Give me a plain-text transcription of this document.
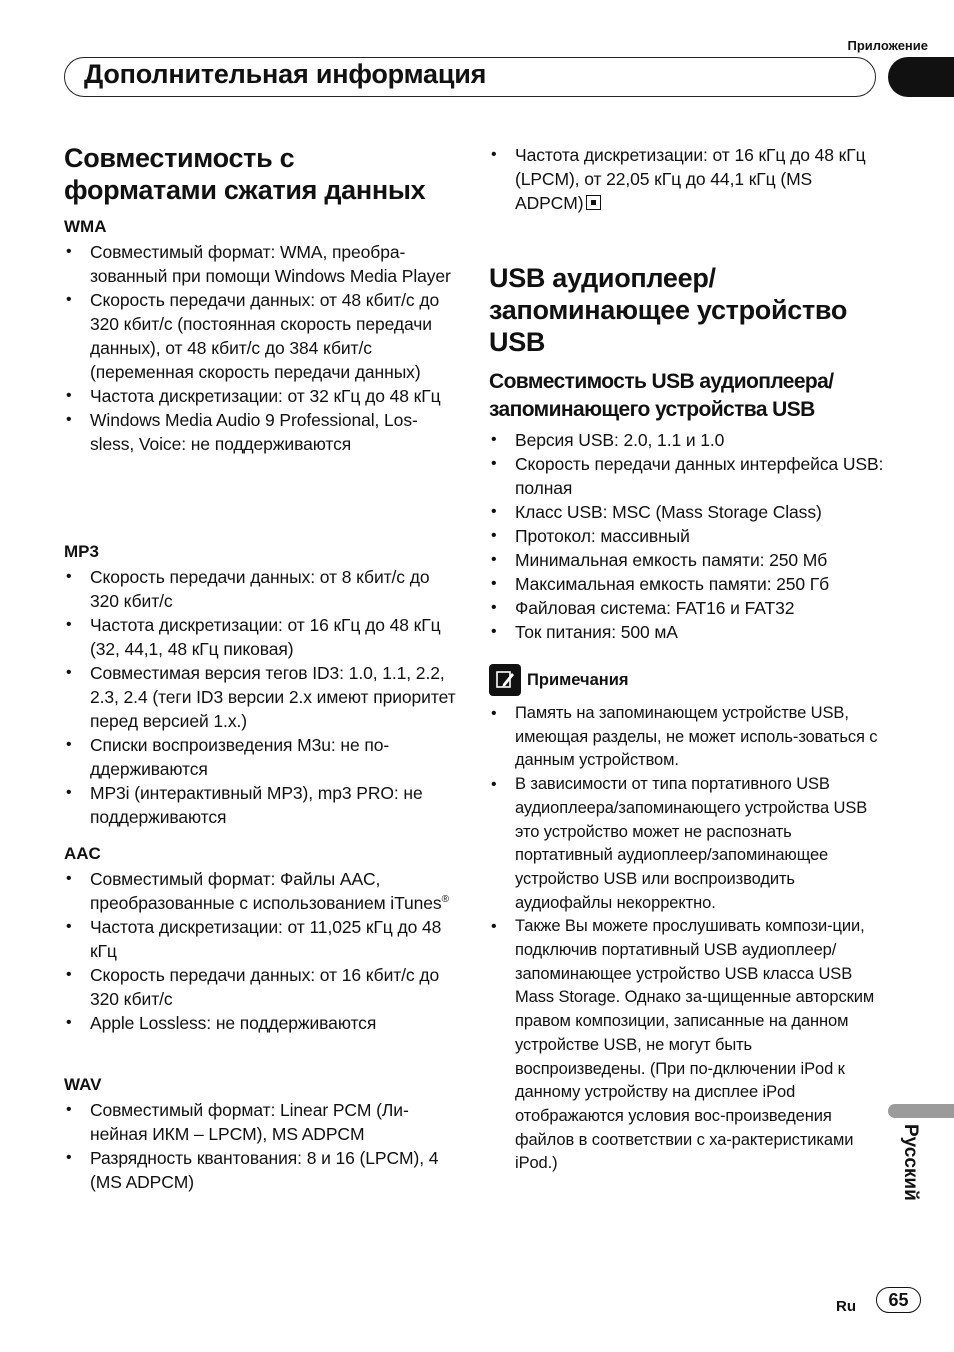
Приложение
Дополнительная информация
Совместимость с
форматами сжатия данных
WMA
• Совместимый формат: WMA, преобра-зованный при помощи Windows Media Player
• Скорость передачи данных: от 48 кбит/с до 320 кбит/с (постоянная скорость передачи данных), от 48 кбит/с до 384 кбит/с (переменная скорость передачи данных)
• Частота дискретизации: от 32 кГц до 48 кГц
• Windows Media Audio 9 Professional, Los-sless, Voice: не поддерживаются
MP3
• Скорость передачи данных: от 8 кбит/с до 320 кбит/с
• Частота дискретизации: от 16 кГц до 48 кГц (32, 44,1, 48 кГц пиковая)
• Совместимая версия тегов ID3: 1.0, 1.1, 2.2, 2.3, 2.4 (теги ID3 версии 2.x имеют приоритет перед версией 1.x.)
• Списки воспроизведения M3u: не по-ддерживаются
• MP3i (интерактивный MP3), mp3 PRO: не поддерживаются
AAC
• Совместимый формат: Файлы AAC, преобразованные с использованием iTunes®
• Частота дискретизации: от 11,025 кГц до 48 кГц
• Скорость передачи данных: от 16 кбит/с до 320 кбит/с
• Apple Lossless: не поддерживаются
WAV
• Совместимый формат: Linear PCM (Ли-нейная ИКМ – LPCM), MS ADPCM
• Разрядность квантования: 8 и 16 (LPCM), 4 (MS ADPCM)
• Частота дискретизации: от 16 кГц до 48 кГц (LPCM), от 22,05 кГц до 44,1 кГц (MS ADPCM)
USB аудиоплеер/
запоминающее устройство
USB
Совместимость USB аудиоплеера/
запоминающего устройства USB
• Версия USB: 2.0, 1.1 и 1.0
• Скорость передачи данных интерфейса USB: полная
• Класс USB: MSC (Mass Storage Class)
• Протокол: массивный
• Минимальная емкость памяти: 250 Мб
• Максимальная емкость памяти: 250 Гб
• Файловая система: FAT16 и FAT32
• Ток питания: 500 мА
Примечания
• Память на запоминающем устройстве USB, имеющая разделы, не может исполь-зоваться с данным устройством.
• В зависимости от типа портативного USB аудиоплеера/запоминающего устройства USB это устройство может не распознать портативный аудиоплеер/запоминающее устройство USB или воспроизводить аудиофайлы некорректно.
• Также Вы можете прослушивать компози-ции, подключив портативный USB аудиоплеер/запоминающее устройство USB класса USB Mass Storage. Однако за-щищенные авторским правом композиции, записанные на данном устройстве USB, не могут быть воспроизведены. (При по-дключении iPod к данному устройству на дисплее iPod отображаются условия вос-произведения файлов в соответствии с ха-рактеристиками iPod.)	Русский
Ru	65
